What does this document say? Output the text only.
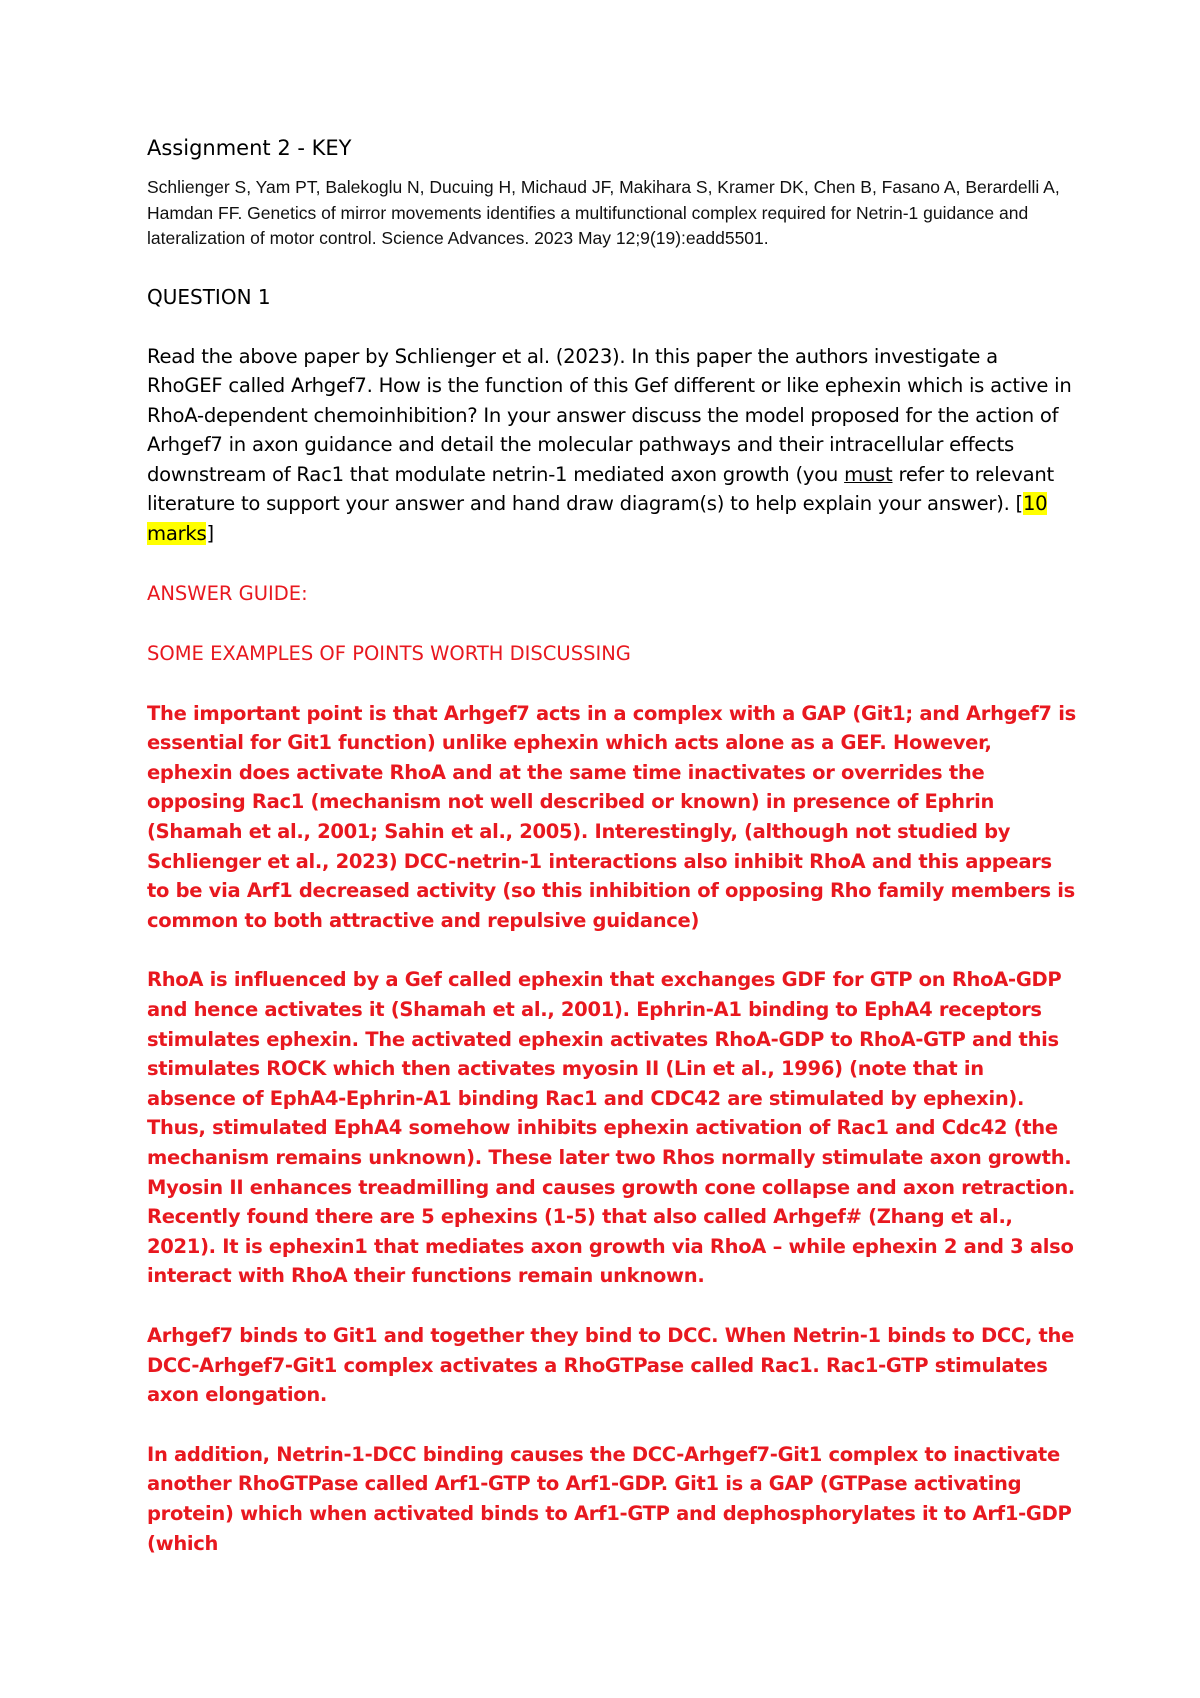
Assignment 2 - KEY
Schlienger S, Yam PT, Balekoglu N, Ducuing H, Michaud JF, Makihara S, Kramer DK, Chen B, Fasano A, Berardelli A, Hamdan FF. Genetics of mirror movements identifies a multifunctional complex required for Netrin-1 guidance and lateralization of motor control. Science Advances. 2023 May 12;9(19):eadd5501.
QUESTION 1
Read the above paper by Schlienger et al. (2023). In this paper the authors investigate a RhoGEF called Arhgef7. How is the function of this Gef different or like ephexin which is active in RhoA-dependent chemoinhibition? In your answer discuss the model proposed for the action of Arhgef7 in axon guidance and detail the molecular pathways and their intracellular effects downstream of Rac1 that modulate netrin-1 mediated axon growth (you must refer to relevant literature to support your answer and hand draw diagram(s) to help explain your answer). [10 marks]
ANSWER GUIDE:
SOME EXAMPLES OF POINTS WORTH DISCUSSING
The important point is that Arhgef7 acts in a complex with a GAP (Git1; and Arhgef7 is essential for Git1 function) unlike ephexin which acts alone as a GEF. However, ephexin does activate RhoA and at the same time inactivates or overrides the opposing Rac1 (mechanism not well described or known) in presence of Ephrin (Shamah et al., 2001; Sahin et al., 2005). Interestingly, (although not studied by Schlienger et al., 2023) DCC-netrin-1 interactions also inhibit RhoA and this appears to be via Arf1 decreased activity (so this inhibition of opposing Rho family members is common to both attractive and repulsive guidance)
RhoA is influenced by a Gef called ephexin that exchanges GDF for GTP on RhoA-GDP and hence activates it (Shamah et al., 2001). Ephrin-A1 binding to EphA4 receptors stimulates ephexin. The activated ephexin activates RhoA-GDP to RhoA-GTP and this stimulates ROCK which then activates myosin II (Lin et al., 1996) (note that in absence of EphA4-Ephrin-A1 binding Rac1 and CDC42 are stimulated by ephexin). Thus, stimulated EphA4 somehow inhibits ephexin activation of Rac1 and Cdc42 (the mechanism remains unknown). These later two Rhos normally stimulate axon growth. Myosin II enhances treadmilling and causes growth cone collapse and axon retraction. Recently found there are 5 ephexins (1-5) that also called Arhgef# (Zhang et al., 2021). It is ephexin1 that mediates axon growth via RhoA – while ephexin 2 and 3 also interact with RhoA their functions remain unknown.
Arhgef7 binds to Git1 and together they bind to DCC. When Netrin-1 binds to DCC, the DCC-Arhgef7-Git1 complex activates a RhoGTPase called Rac1. Rac1-GTP stimulates axon elongation.
In addition, Netrin-1-DCC binding causes the DCC-Arhgef7-Git1 complex to inactivate another RhoGTPase called Arf1-GTP to Arf1-GDP. Git1 is a GAP (GTPase activating protein) which when activated binds to Arf1-GTP and dephosphorylates it to Arf1-GDP (which
